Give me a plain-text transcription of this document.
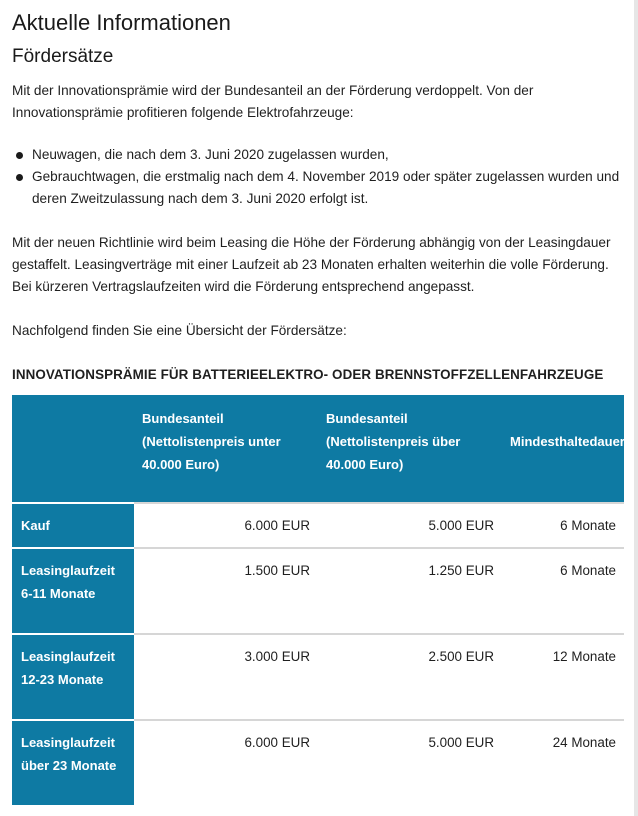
Aktuelle Informationen
Fördersätze

Mit der Innovationsprämie wird der Bundesanteil an der Förderung verdoppelt. Von der Innovationsprämie profitieren folgende Elektrofahrzeuge:

Neuwagen, die nach dem 3. Juni 2020 zugelassen wurden,
Gebrauchtwagen, die erstmalig nach dem 4. November 2019 oder später zugelassen wurden und deren Zweitzulassung nach dem 3. Juni 2020 erfolgt ist.

Mit der neuen Richtlinie wird beim Leasing die Höhe der Förderung abhängig von der Leasingdauer gestaffelt. Leasingverträge mit einer Laufzeit ab 23 Monaten erhalten weiterhin die volle Förderung. Bei kürzeren Vertragslaufzeiten wird die Förderung entsprechend angepasst.

Nachfolgend finden Sie eine Übersicht der Fördersätze:

INNOVATIONSPRÄMIE FÜR BATTERIEELEKTRO- ODER BRENNSTOFFZELLENFAHRZEUGE
	Bundesanteil (Nettolistenpreis unter 40.000 Euro)	Bundesanteil (Nettolistenpreis über 40.000 Euro)	Mindesthaltedauer
Kauf	6.000 EUR	5.000 EUR	6 Monate
Leasinglaufzeit 6-11 Monate	1.500 EUR	1.250 EUR	6 Monate
Leasinglaufzeit 12-23 Monate	3.000 EUR	2.500 EUR	12 Monate
Leasinglaufzeit über 23 Monate	6.000 EUR	5.000 EUR	24 Monate
